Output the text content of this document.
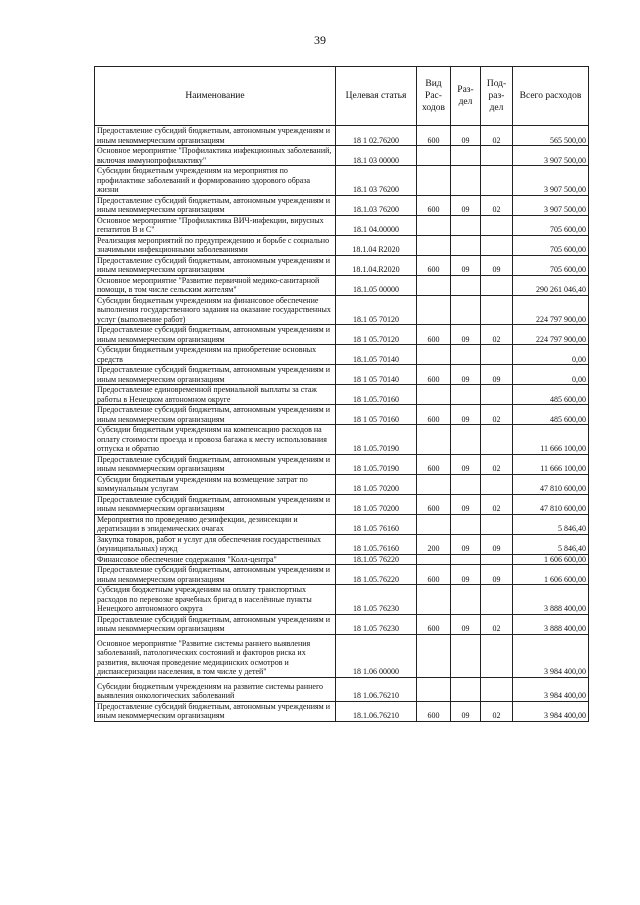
39
Наименование	Целевая статья	Вид Рас-ходов	Раз-дел	Под-раз-дел	Всего расходов
Предоставление субсидий бюджетным, автономным учреждениям и иным некоммерческим организациям	18 1 02.76200	600	09	02	565 500,00
Основное мероприятие "Профилактика инфекционных заболеваний, включая иммунопрофилактику"	18.1 03 00000				3 907 500,00
Субсидии бюджетным учреждениям на мероприятия по профилактике заболеваний и формированию здорового образа жизни	18.1 03 76200				3 907 500,00
Предоставление субсидий бюджетным, автономным учреждениям и иным некоммерческим организациям	18.1.03 76200	600	09	02	3 907 500,00
Основное мероприятие "Профилактика ВИЧ-инфекции, вирусных гепатитов В и С"	18.1 04.00000				705 600,00
Реализация мероприятий по предупреждению и борьбе с социально значимыми инфекционными заболеваниями	18.1.04 R2020				705 600,00
Предоставление субсидий бюджетным, автономным учреждениям и иным некоммерческим организациям	18.1.04.R2020	600	09	09	705 600,00
Основное мероприятие "Развитие первичной медико-санитарной помощи, в том числе сельским жителям"	18.1.05 00000				290 261 046,40
Субсидии бюджетным учреждениям на финансовое обеспечение выполнения государственного задания на оказание государственных услуг (выполнение работ)	18.1 05 70120				224 797 900,00
Предоставление субсидий бюджетным, автономным учреждениям и иным некоммерческим организациям	18 1 05.70120	600	09	02	224 797 900,00
Субсидии бюджетным учреждениям на приобретение основных средств	18.1.05 70140				0,00
Предоставление субсидий бюджетным, автономным учреждениям и иным некоммерческим организациям	18 1 05 70140	600	09	09	0,00
Предоставление единовременной премиальной выплаты за стаж работы в Ненецком автономном округе	18 1.05.70160				485 600,00
Предоставление субсидий бюджетным, автономным учреждениям и иным некоммерческим организациям	18 1 05 70160	600	09	02	485 600,00
Субсидии бюджетным учреждениям на компенсацию расходов на оплату стоимости проезда и провоза багажа к месту использования отпуска и обратно	18 1.05.70190				11 666 100,00
Предоставление субсидий бюджетным, автономным учреждениям и иным некоммерческим организациям	18 1.05.70190	600	09	02	11 666 100,00
Субсидии бюджетным учреждениям на возмещение затрат по коммунальным услугам	18 1.05 70200				47 810 600,00
Предоставление субсидий бюджетным, автономным учреждениям и иным некоммерческим организациям	18 1.05 70200	600	09	02	47 810 600,00
Мероприятия по проведению дезинфекции, дезинсекции и дератизации в эпидемических очагах	18 1.05 76160				5 846,40
Закупка товаров, работ и услуг для обеспечения государственных (муниципальных) нужд	18 1.05.76160	200	09	09	5 846,40
Финансовое обеспечение содержания "Колл-центра"	18.1.05 76220				1 606 600,00
Предоставление субсидий бюджетным, автономным учреждениям и иным некоммерческим организациям	18 1.05.76220	600	09	09	1 606 600,00
Субсидия бюджетным учреждениям на оплату транспортных расходов по перевозке врачебных бригад в населённые пункты Ненецкого автономного округа	18 1.05 76230				3 888 400,00
Предоставление субсидий бюджетным, автономным учреждениям и иным некоммерческим организациям	18 1.05 76230	600	09	02	3 888 400,00
Основное мероприятие "Развитие системы раннего выявления заболеваний, патологических состояний и факторов риска их развития, включая проведение медицинских осмотров и диспансеризации населения, в том числе у детей"	18 1.06 00000				3 984 400,00
Субсидии бюджетным учреждениям на развитие системы раннего выявления онкологических заболеваний	18 1.06.76210				3 984 400,00
Предоставление субсидий бюджетным, автономным учреждениям и иным некоммерческим организациям	18.1.06.76210	600	09	02	3 984 400,00
